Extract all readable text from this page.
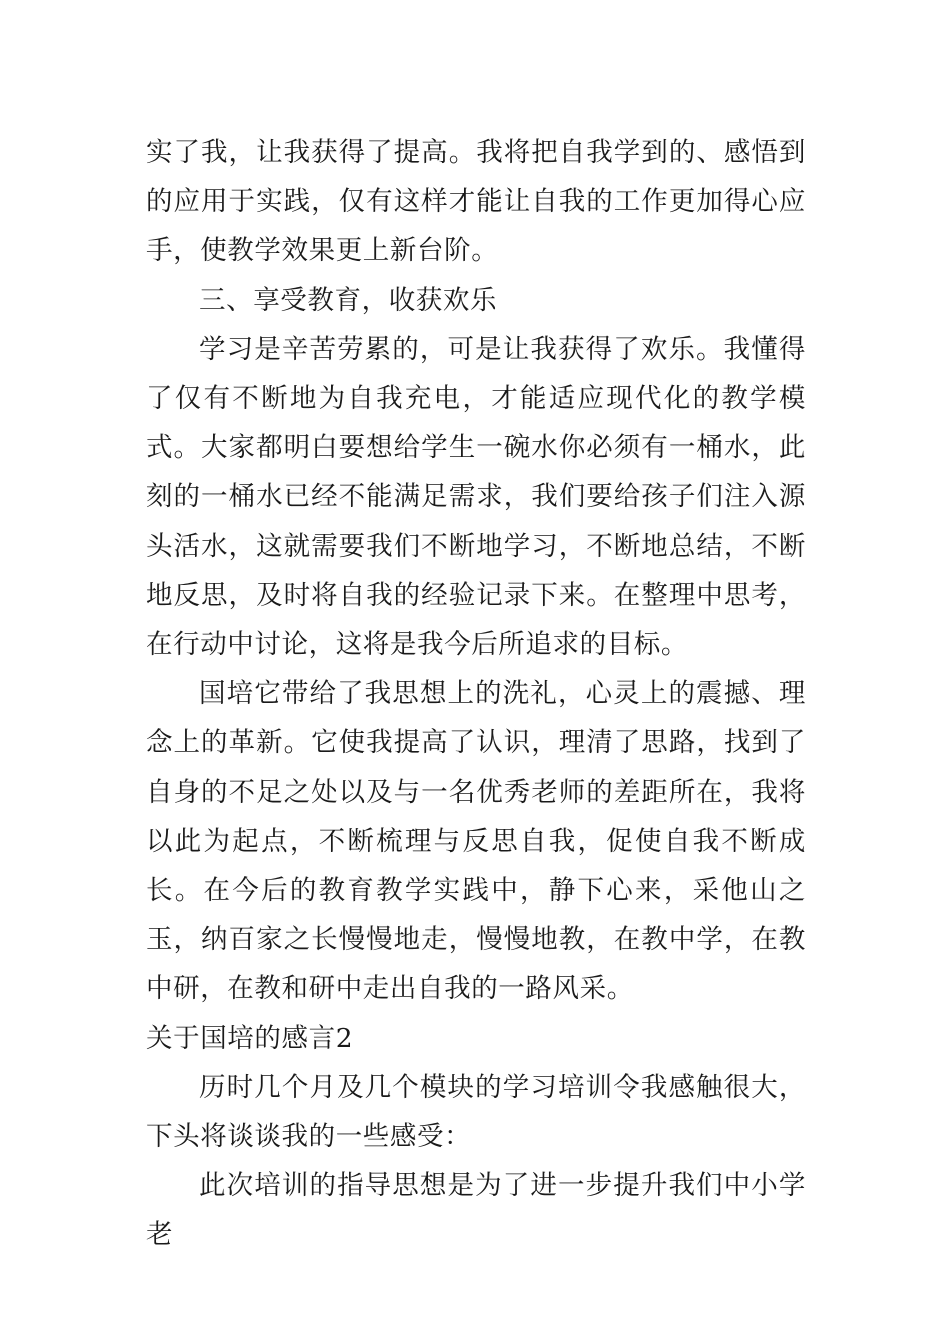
实了我，让我获得了提高。我将把自我学到的、感悟到的应用于实践，仅有这样才能让自我的工作更加得心应手，使教学效果更上新台阶。

三、享受教育，收获欢乐

学习是辛苦劳累的，可是让我获得了欢乐。我懂得了仅有不断地为自我充电，才能适应现代化的教学模式。大家都明白要想给学生一碗水你必须有一桶水，此刻的一桶水已经不能满足需求，我们要给孩子们注入源头活水，这就需要我们不断地学习，不断地总结，不断地反思，及时将自我的经验记录下来。在整理中思考，在行动中讨论，这将是我今后所追求的目标。

国培它带给了我思想上的洗礼，心灵上的震撼、理念上的革新。它使我提高了认识，理清了思路，找到了自身的不足之处以及与一名优秀老师的差距所在，我将以此为起点，不断梳理与反思自我，促使自我不断成长。在今后的教育教学实践中，静下心来，采他山之玉，纳百家之长慢慢地走，慢慢地教，在教中学，在教中研，在教和研中走出自我的一路风采。

关于国培的感言2

历时几个月及几个模块的学习培训令我感触很大，下头将谈谈我的一些感受：

此次培训的指导思想是为了进一步提升我们中小学老
